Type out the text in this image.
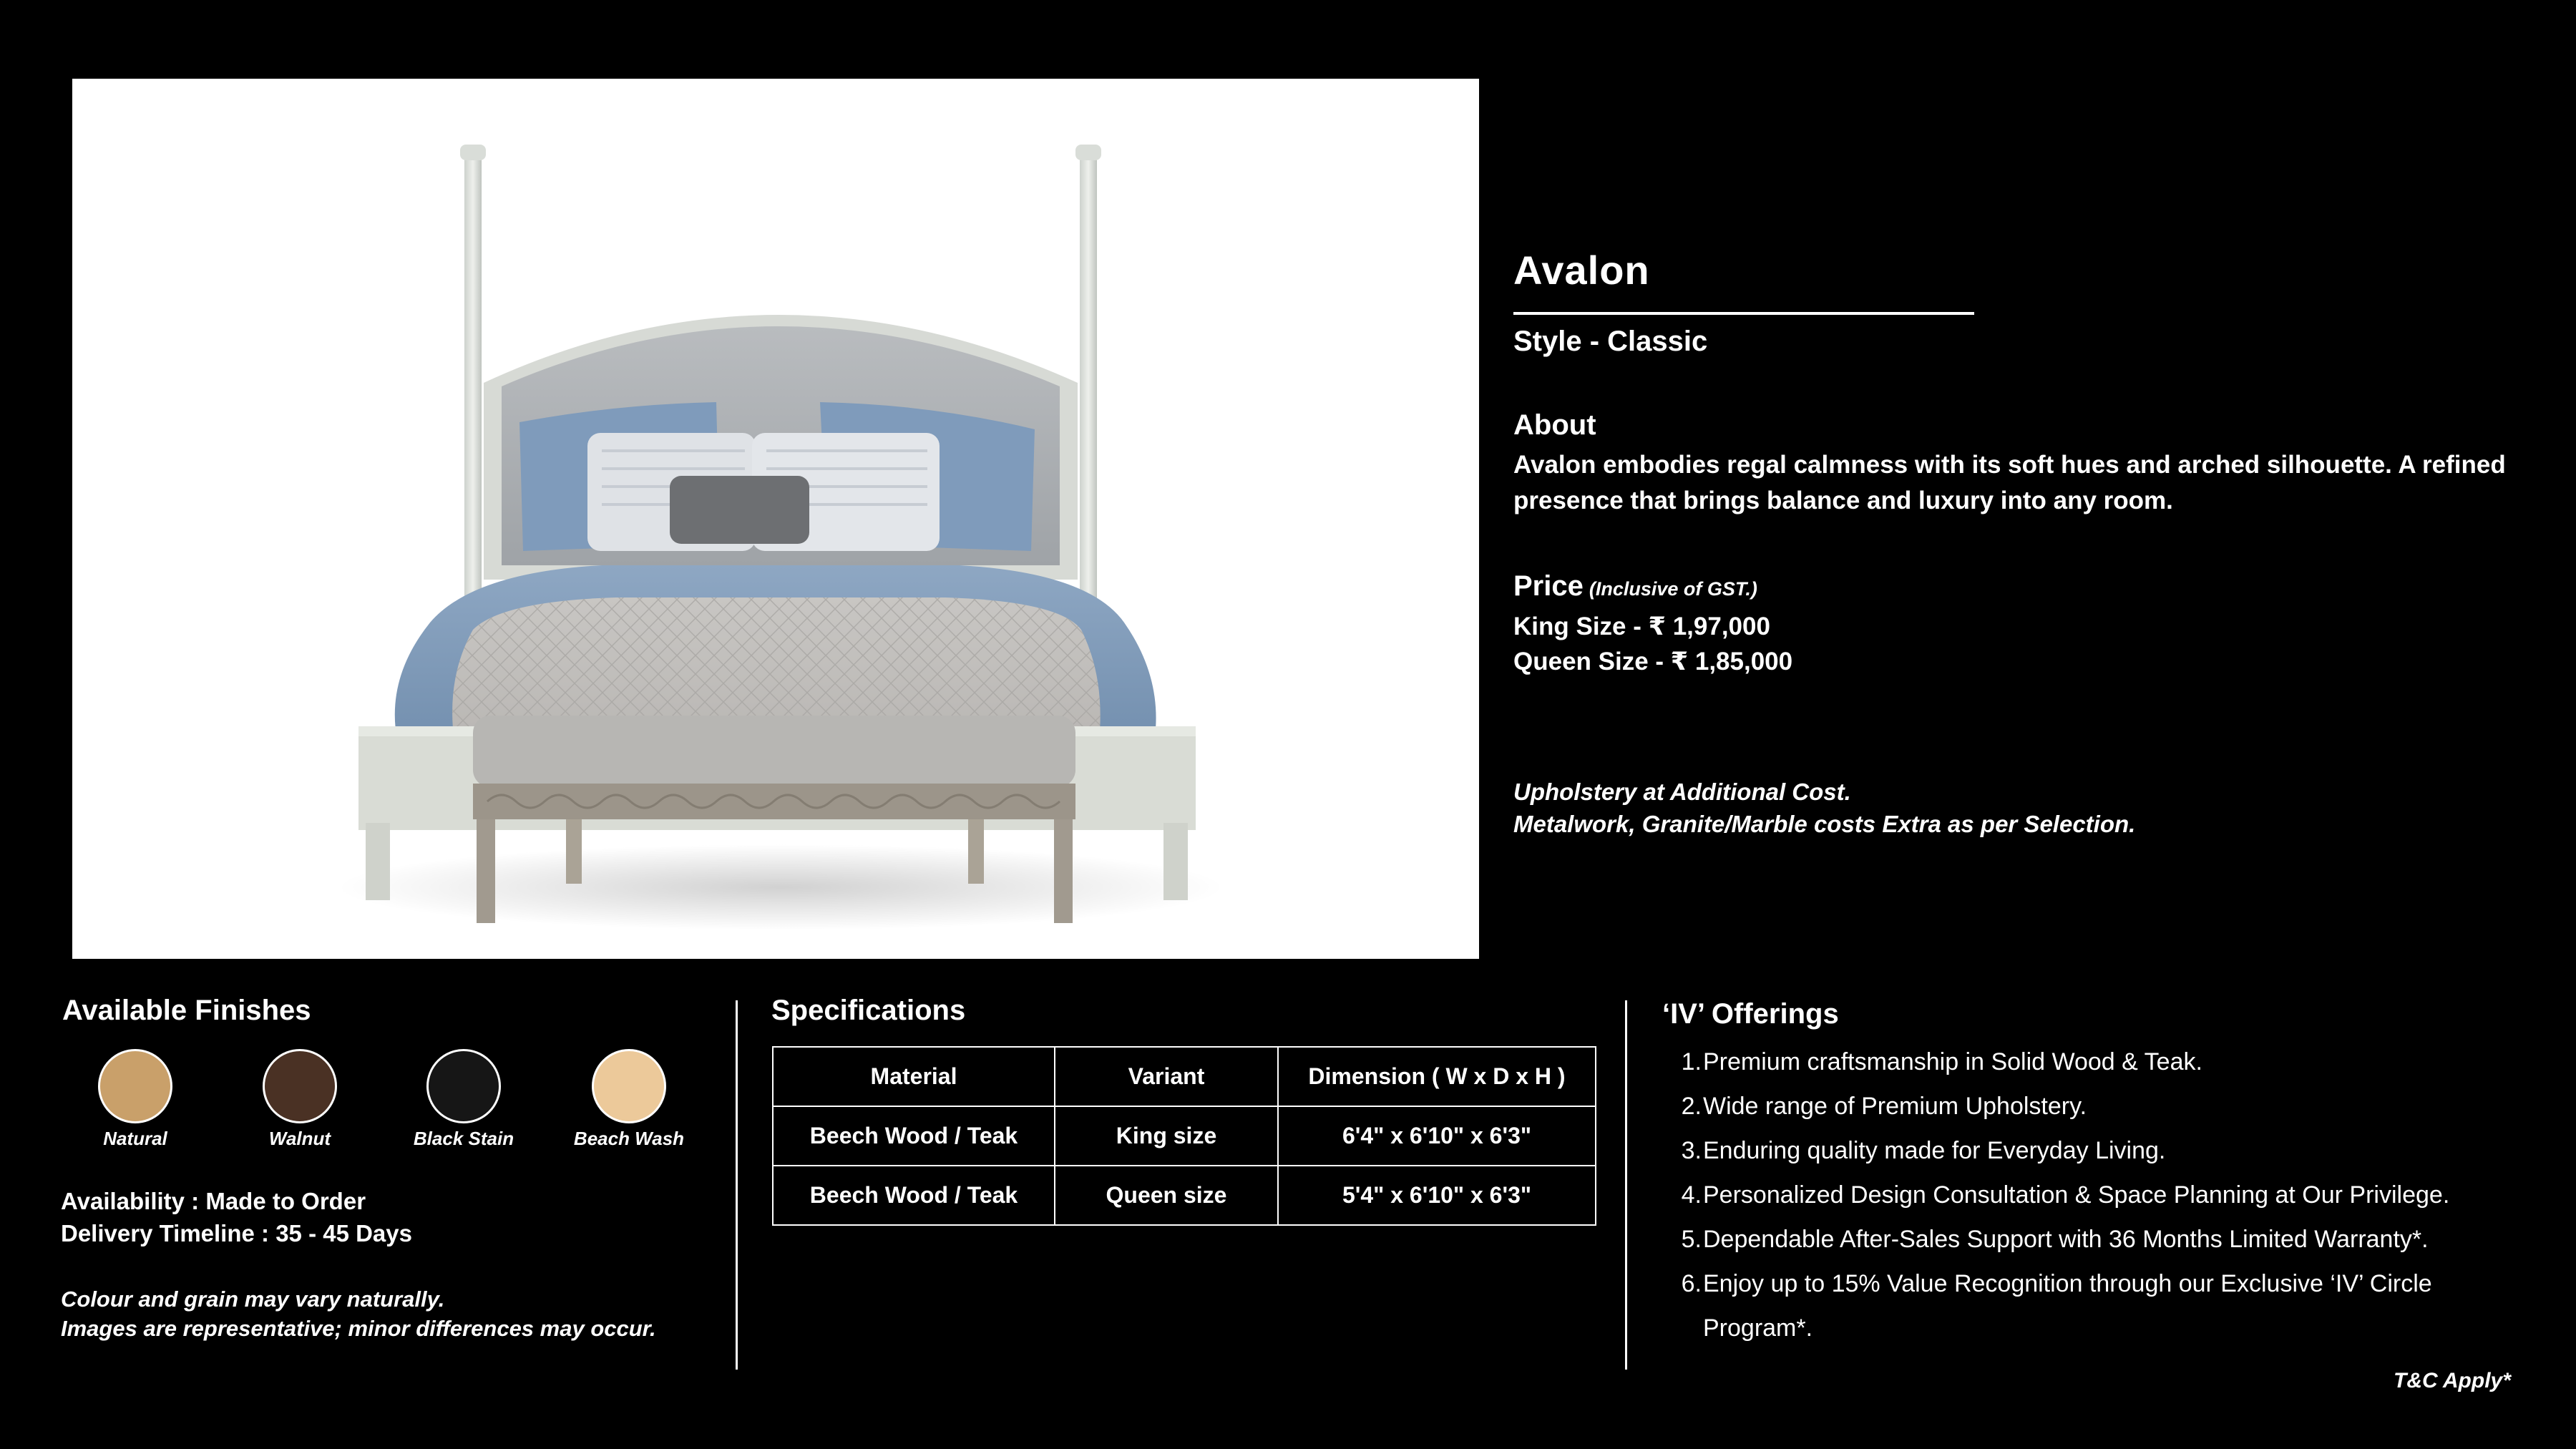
Avalon
Style - Classic
About
Avalon embodies regal calmness with its soft hues and arched silhouette. A refined presence that brings balance and luxury into any room.
Price (Inclusive of GST.)
King Size - ₹ 1,97,000
Queen Size - ₹ 1,85,000
Upholstery at Additional Cost.
Metalwork, Granite/Marble costs Extra as per Selection.
Available Finishes
Natural	Walnut	Black Stain	Beach Wash
Availability : Made to Order
Delivery Timeline : 35 - 45 Days
Colour and grain may vary naturally.
Images are representative; minor differences may occur.
Specifications
Material	Variant	Dimension ( W x D x H )
Beech Wood / Teak	King size	6'4" x 6'10" x 6'3"
Beech Wood / Teak	Queen size	5'4" x 6'10" x 6'3"
‘IV’ Offerings
1. Premium craftsmanship in Solid Wood & Teak.
2. Wide range of Premium Upholstery.
3. Enduring quality made for Everyday Living.
4. Personalized Design Consultation & Space Planning at Our Privilege.
5. Dependable After-Sales Support with 36 Months Limited Warranty*.
6. Enjoy up to 15% Value Recognition through our Exclusive ‘IV’ Circle
Program*.
T&C Apply*
